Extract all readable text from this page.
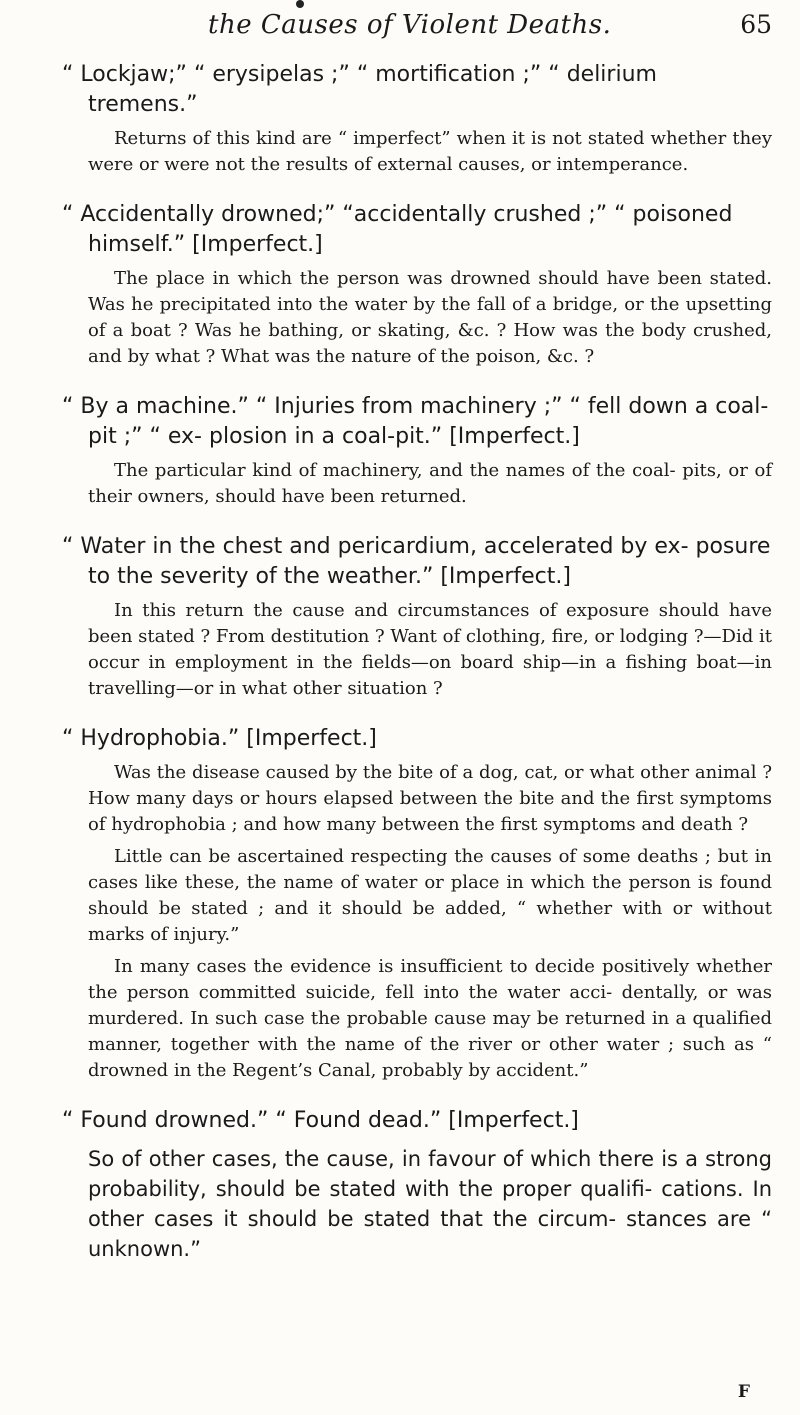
the Causes of Violent Deaths.	65

“ Lockjaw;” “ erysipelas ;” “ mortification ;” “ delirium tremens.”

Returns of this kind are “ imperfect” when it is not stated whether they were or were not the results of external causes, or intemperance.

“ Accidentally drowned;” “accidentally crushed ;” “ poisoned himself.” [Imperfect.]

The place in which the person was drowned should have been stated. Was he precipitated into the water by the fall of a bridge, or the upsetting of a boat ? Was he bathing, or skating, &c. ? How was the body crushed, and by what ? What was the nature of the poison, &c. ?

“ By a machine.” “ Injuries from machinery ;” “ fell down a coal-pit ;” “ ex- plosion in a coal-pit.” [Imperfect.]

The particular kind of machinery, and the names of the coal- pits, or of their owners, should have been returned.

“ Water in the chest and pericardium, accelerated by ex- posure to the severity of the weather.” [Imperfect.]

In this return the cause and circumstances of exposure should have been stated ? From destitution ? Want of clothing, fire, or lodging ?—Did it occur in employment in the fields—on board ship—in a fishing boat—in travelling—or in what other situation ?

“ Hydrophobia.” [Imperfect.]

Was the disease caused by the bite of a dog, cat, or what other animal ? How many days or hours elapsed between the bite and the first symptoms of hydrophobia ; and how many between the first symptoms and death ?

Little can be ascertained respecting the causes of some deaths ; but in cases like these, the name of water or place in which the person is found should be stated ; and it should be added, “ whether with or without marks of injury.”

In many cases the evidence is insufficient to decide positively whether the person committed suicide, fell into the water acci- dentally, or was murdered. In such case the probable cause may be returned in a qualified manner, together with the name of the river or other water ; such as “ drowned in the Regent’s Canal, probably by accident.”

“ Found drowned.” “ Found dead.” [Imperfect.]

So of other cases, the cause, in favour of which there is a strong probability, should be stated with the proper qualifi- cations. In other cases it should be stated that the circum- stances are “ unknown.”

F
